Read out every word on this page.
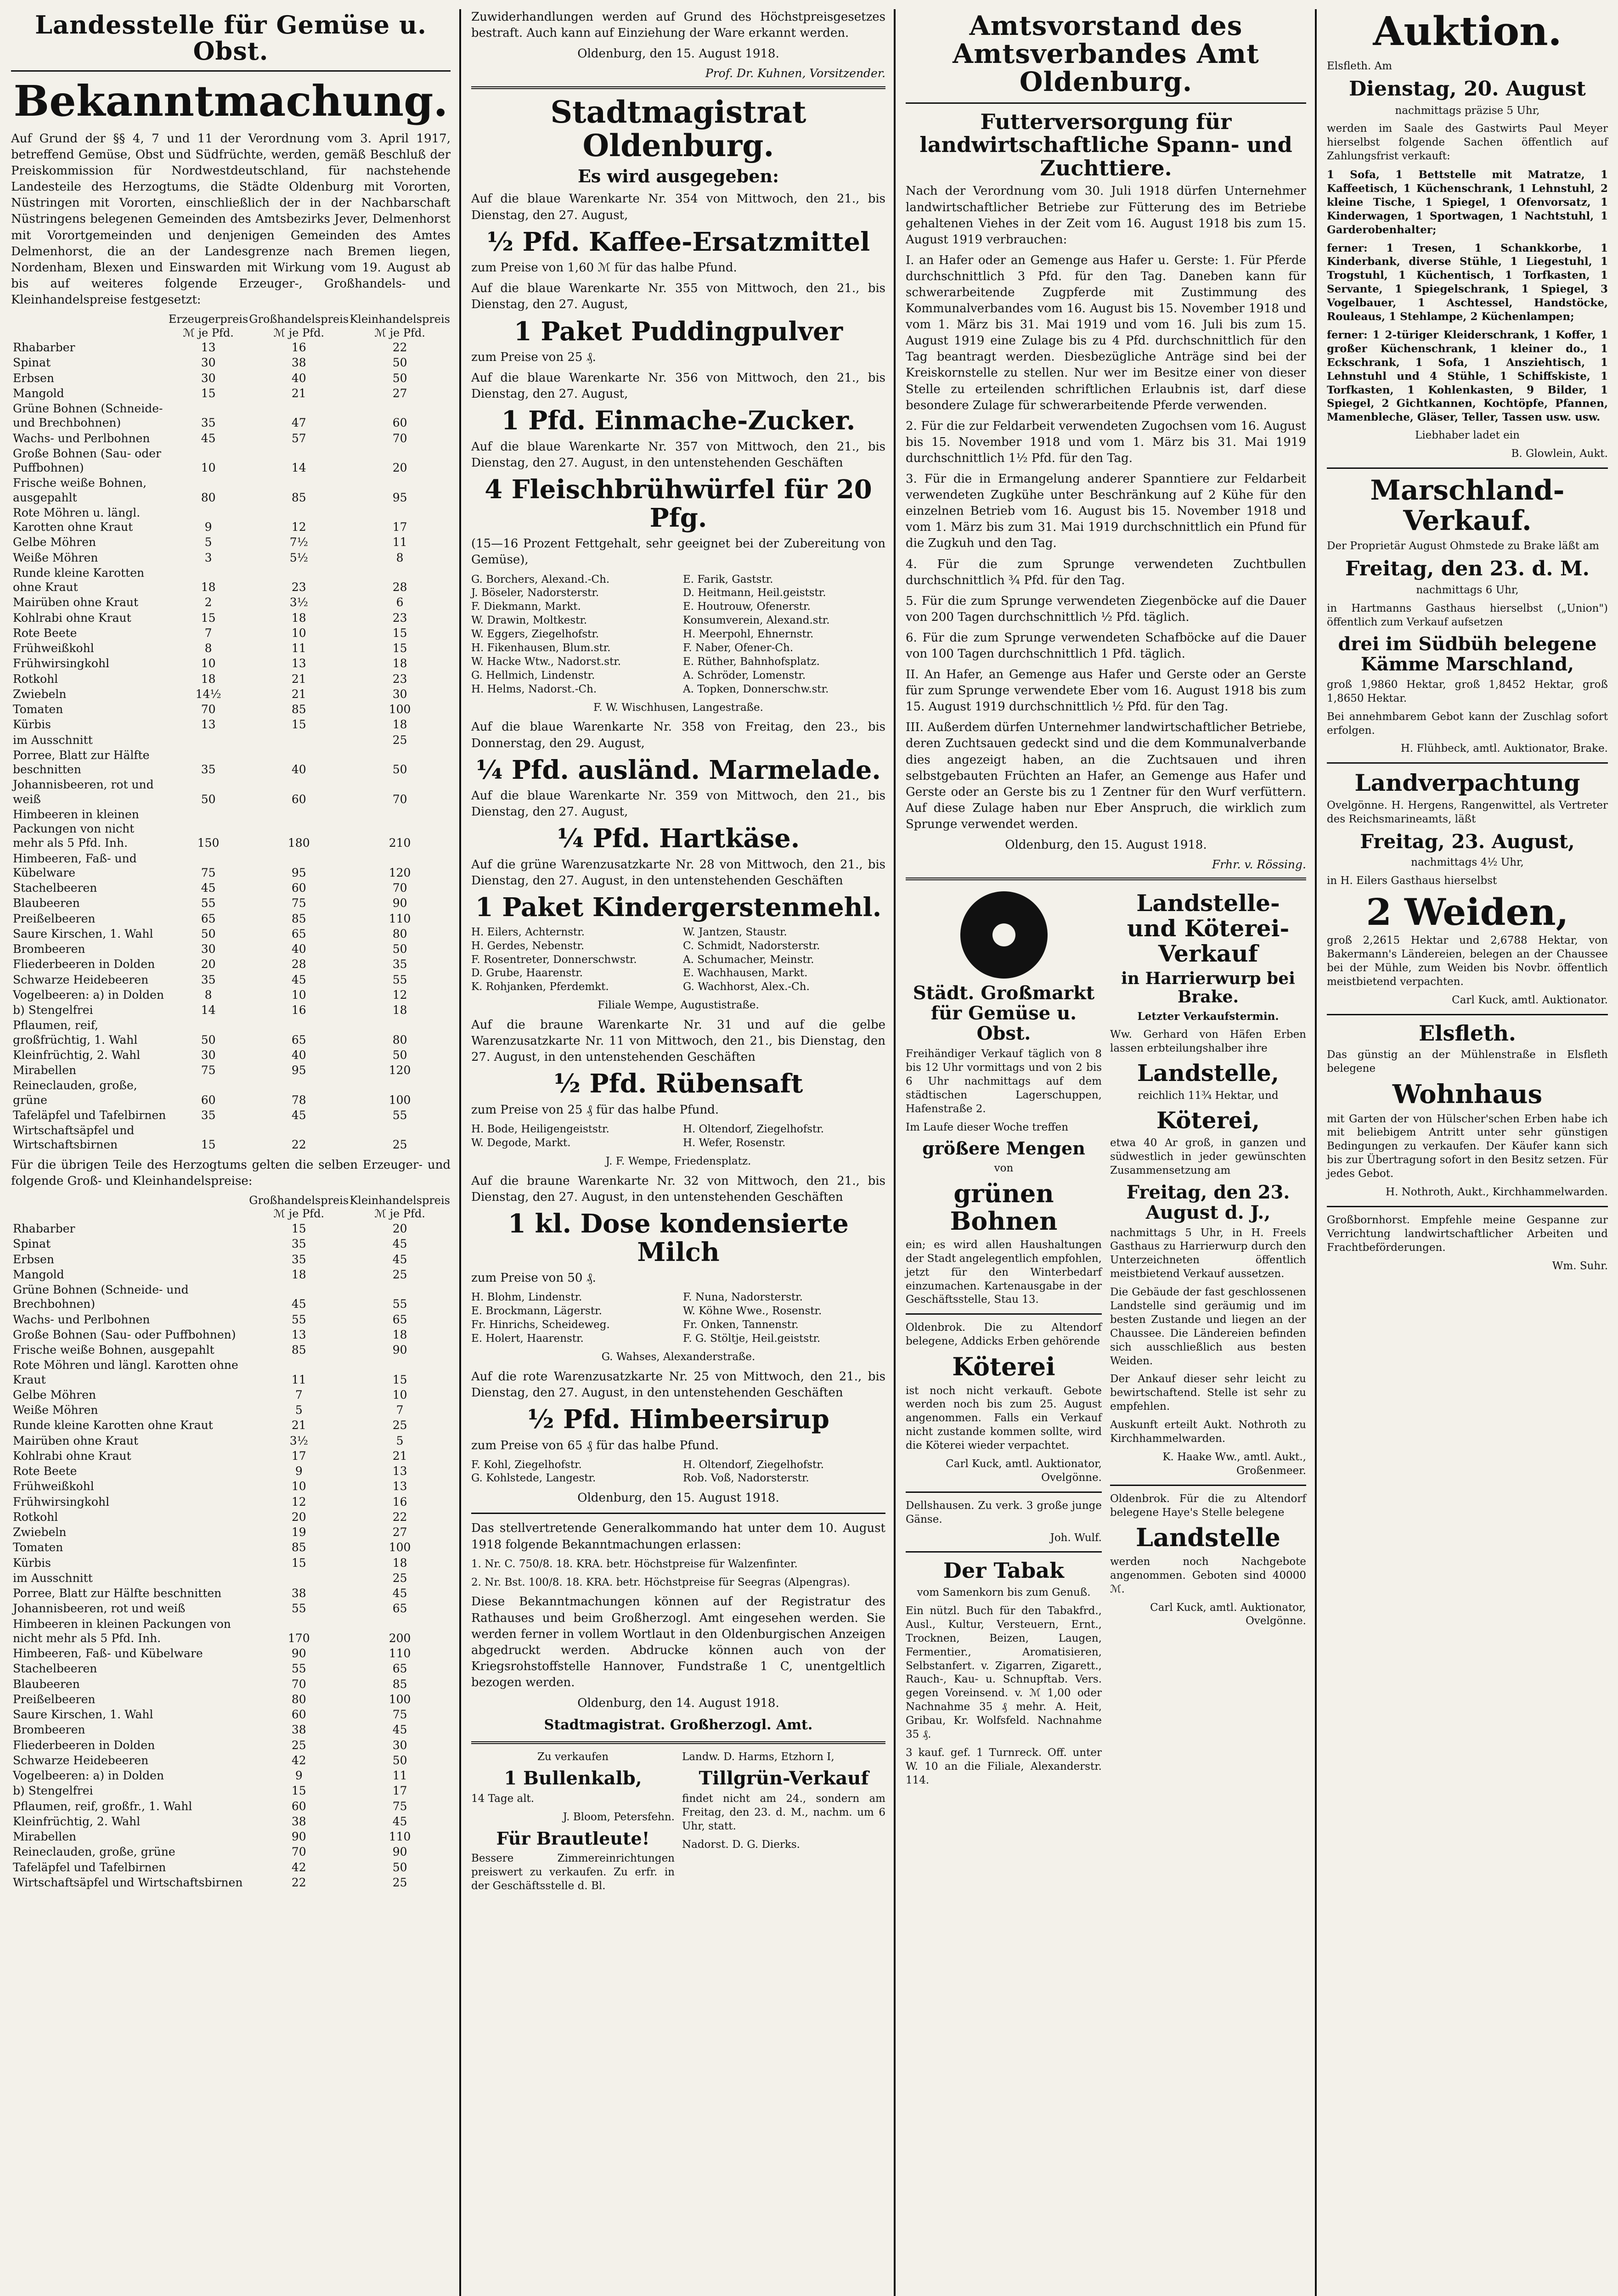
Landesstelle für Gemüse u. Obst.
Bekanntmachung.

Auf Grund der §§ 4, 7 und 11 der Verordnung vom 3. April 1917, betreffend Gemüse, Obst und Südfrüchte, werden, gemäß Beschluß der Preiskommission für Nordwestdeutschland, für nachstehende Landesteile des Herzogtums, die Städte Oldenburg mit Vororten, Nüstringen mit Vororten, einschließlich der in der Nachbarschaft Nüstringens belegenen Gemeinden des Amtsbezirks Jever, Delmenhorst mit Vorortgemeinden und denjenigen Gemeinden des Amtes Delmenhorst, die an der Landesgrenze nach Bremen liegen, Nordenham, Blexen und Einswarden mit Wirkung vom 19. August ab bis auf weiteres folgende Erzeuger-, Großhandels- und Kleinhandelspreise festgesetzt:

	Erzeugerpreis	Großhandelspreis	Kleinhandelspreis
	ℳ je Pfd.	ℳ je Pfd.	ℳ je Pfd.
Rhabarber	13	16	22
Spinat	30	38	50
Erbsen	30	40	50
Mangold	15	21	27
Grüne Bohnen (Schneide- und Brechbohnen)	35	47	60
Wachs- und Perlbohnen	45	57	70
Große Bohnen (Sau- oder Puffbohnen)	10	14	20
Frische weiße Bohnen, ausgepahlt	80	85	95
Rote Möhren u. längl. Karotten ohne Kraut	9	12	17
Gelbe Möhren	5	7½	11
Weiße Möhren	3	5½	8
Runde kleine Karotten ohne Kraut	18	23	28
Mairüben ohne Kraut	2	3½	6
Kohlrabi ohne Kraut	15	18	23
Rote Beete	7	10	15
Frühweißkohl	8	11	15
Frühwirsingkohl	10	13	18
Rotkohl	18	21	23
Zwiebeln	14½	21	30
Tomaten	70	85	100
Kürbis	13	15	18
im Ausschnitt			25
Porree, Blatt zur Hälfte beschnitten	35	40	50
Johannisbeeren, rot und weiß	50	60	70
Himbeeren in kleinen Packungen von nicht mehr als 5 Pfd. Inh.	150	180	210
Himbeeren, Faß- und Kübelware	75	95	120
Stachelbeeren	45	60	70
Blaubeeren	55	75	90
Preißelbeeren	65	85	110
Saure Kirschen, 1. Wahl	50	65	80
Brombeeren	30	40	50
Fliederbeeren in Dolden	20	28	35
Schwarze Heidebeeren	35	45	55
Vogelbeeren: a) in Dolden	8	10	12
b) Stengelfrei	14	16	18
Pflaumen, reif, großfrüchtig, 1. Wahl	50	65	80
Kleinfrüchtig, 2. Wahl	30	40	50
Mirabellen	75	95	120
Reineclauden, große, grüne	60	78	100
Tafeläpfel und Tafelbirnen	35	45	55
Wirtschaftsäpfel und Wirtschaftsbirnen	15	22	25

Für die übrigen Teile des Herzogtums gelten die selben Erzeuger- und folgende Groß- und Kleinhandelspreise:

	Großhandelspreis	Kleinhandelspreis
	ℳ je Pfd.	ℳ je Pfd.
Rhabarber	15	20
Spinat	35	45
Erbsen	35	45
Mangold	18	25
Grüne Bohnen (Schneide- und Brechbohnen)	45	55
Wachs- und Perlbohnen	55	65
Große Bohnen (Sau- oder Puffbohnen)	13	18
Frische weiße Bohnen, ausgepahlt	85	90
Rote Möhren und längl. Karotten ohne Kraut	11	15
Gelbe Möhren	7	10
Weiße Möhren	5	7
Runde kleine Karotten ohne Kraut	21	25
Mairüben ohne Kraut	3½	5
Kohlrabi ohne Kraut	17	21
Rote Beete	9	13
Frühweißkohl	10	13
Frühwirsingkohl	12	16
Rotkohl	20	22
Zwiebeln	19	27
Tomaten	85	100
Kürbis	15	18
im Ausschnitt		25
Porree, Blatt zur Hälfte beschnitten	38	45
Johannisbeeren, rot und weiß	55	65
Himbeeren in kleinen Packungen von nicht mehr als 5 Pfd. Inh.	170	200
Himbeeren, Faß- und Kübelware	90	110
Stachelbeeren	55	65
Blaubeeren	70	85
Preißelbeeren	80	100
Saure Kirschen, 1. Wahl	60	75
Brombeeren	38	45
Fliederbeeren in Dolden	25	30
Schwarze Heidebeeren	42	50
Vogelbeeren: a) in Dolden	9	11
b) Stengelfrei	15	17
Pflaumen, reif, großfr., 1. Wahl	60	75
Kleinfrüchtig, 2. Wahl	38	45
Mirabellen	90	110
Reineclauden, große, grüne	70	90
Tafeläpfel und Tafelbirnen	42	50
Wirtschaftsäpfel und Wirtschaftsbirnen	22	25

Zuwiderhandlungen werden auf Grund des Höchstpreisgesetzes bestraft. Auch kann auf Einziehung der Ware erkannt werden.

Oldenburg, den 15. August 1918.

Prof. Dr. Kuhnen, Vorsitzender.
Stadtmagistrat Oldenburg.
Es wird ausgegeben:

Auf die blaue Warenkarte Nr. 354 von Mittwoch, den 21., bis Dienstag, den 27. August,

½ Pfd. Kaffee-Ersatzmittel

zum Preise von 1,60 ℳ für das halbe Pfund.

Auf die blaue Warenkarte Nr. 355 von Mittwoch, den 21., bis Dienstag, den 27. August,

1 Paket Puddingpulver

zum Preise von 25 ₰.

Auf die blaue Warenkarte Nr. 356 von Mittwoch, den 21., bis Dienstag, den 27. August,

1 Pfd. Einmache-Zucker.

Auf die blaue Warenkarte Nr. 357 von Mittwoch, den 21., bis Dienstag, den 27. August, in den untenstehenden Geschäften

4 Fleischbrühwürfel für 20 Pfg.

(15—16 Prozent Fettgehalt, sehr geeignet bei der Zubereitung von Gemüse),

G. Borchers, Alexand.-Ch.	E. Farik, Gaststr.
J. Böseler, Nadorsterstr.	D. Heitmann, Heil.geiststr.
F. Diekmann, Markt.	E. Houtrouw, Ofenerstr.
W. Drawin, Moltkestr.	Konsumverein, Alexand.str.
W. Eggers, Ziegelhofstr.	H. Meerpohl, Ehnernstr.
H. Fikenhausen, Blum.str.	F. Naber, Ofener-Ch.
W. Hacke Wtw., Nadorst.str.	E. Rüther, Bahnhofsplatz.
G. Hellmich, Lindenstr.	A. Schröder, Lomenstr.
H. Helms, Nadorst.-Ch.	A. Topken, Donnerschw.str.

F. W. Wischhusen, Langestraße.

Auf die blaue Warenkarte Nr. 358 von Freitag, den 23., bis Donnerstag, den 29. August,

¼ Pfd. ausländ. Marmelade.

Auf die blaue Warenkarte Nr. 359 von Mittwoch, den 21., bis Dienstag, den 27. August,

¼ Pfd. Hartkäse.

Auf die grüne Warenzusatzkarte Nr. 28 von Mittwoch, den 21., bis Dienstag, den 27. August, in den untenstehenden Geschäften

1 Paket Kindergerstenmehl.
H. Eilers, Achternstr.	W. Jantzen, Staustr.
H. Gerdes, Nebenstr.	C. Schmidt, Nadorsterstr.
F. Rosentreter, Donnerschwstr.	A. Schumacher, Meinstr.
D. Grube, Haarenstr.	E. Wachhausen, Markt.
K. Rohjanken, Pferdemkt.	G. Wachhorst, Alex.-Ch.

Filiale Wempe, Augustistraße.

Auf die braune Warenkarte Nr. 31 und auf die gelbe Warenzusatzkarte Nr. 11 von Mittwoch, den 21., bis Dienstag, den 27. August, in den untenstehenden Geschäften

½ Pfd. Rübensaft

zum Preise von 25 ₰ für das halbe Pfund.

H. Bode, Heiligengeiststr.	H. Oltendorf, Ziegelhofstr.
W. Degode, Markt.	H. Wefer, Rosenstr.

J. F. Wempe, Friedensplatz.

Auf die braune Warenkarte Nr. 32 von Mittwoch, den 21., bis Dienstag, den 27. August, in den untenstehenden Geschäften

1 kl. Dose kondensierte Milch

zum Preise von 50 ₰.

H. Blohm, Lindenstr.	F. Nuna, Nadorsterstr.
E. Brockmann, Lägerstr.	W. Köhne Wwe., Rosenstr.
Fr. Hinrichs, Scheideweg.	Fr. Onken, Tannenstr.
E. Holert, Haarenstr.	F. G. Stöltje, Heil.geiststr.

G. Wahses, Alexanderstraße.

Auf die rote Warenzusatzkarte Nr. 25 von Mittwoch, den 21., bis Dienstag, den 27. August, in den untenstehenden Geschäften

½ Pfd. Himbeersirup

zum Preise von 65 ₰ für das halbe Pfund.

F. Kohl, Ziegelhofstr.	H. Oltendorf, Ziegelhofstr.
G. Kohlstede, Langestr.	Rob. Voß, Nadorsterstr.

Oldenburg, den 15. August 1918.

Das stellvertretende Generalkommando hat unter dem 10. August 1918 folgende Bekanntmachungen erlassen:

1. Nr. C. 750/8. 18. KRA. betr. Höchstpreise für Walzenfinter.

2. Nr. Bst. 100/8. 18. KRA. betr. Höchstpreise für Seegras (Alpengras).

Diese Bekanntmachungen können auf der Registratur des Rathauses und beim Großherzogl. Amt eingesehen werden. Sie werden ferner in vollem Wortlaut in den Oldenburgischen Anzeigen abgedruckt werden. Abdrucke können auch von der Kriegsrohstoffstelle Hannover, Fundstraße 1 C, unentgeltlich bezogen werden.

Oldenburg, den 14. August 1918.

Stadtmagistrat. Großherzogl. Amt.

Zu verkaufen

1 Bullenkalb,

14 Tage alt.

J. Bloom, Petersfehn.

Für Brautleute!

Bessere Zimmereinrichtungen preiswert zu verkaufen. Zu erfr. in der Geschäftsstelle d. Bl.

Landw. D. Harms, Etzhorn I,

Tillgrün-Verkauf

findet nicht am 24., sondern am Freitag, den 23. d. M., nachm. um 6 Uhr, statt.

Nadorst. D. G. Dierks.

Amtsvorstand des Amtsverbandes Amt Oldenburg.
Futterversorgung für landwirtschaftliche Spann- und Zuchttiere.

Nach der Verordnung vom 30. Juli 1918 dürfen Unternehmer landwirtschaftlicher Betriebe zur Fütterung des im Betriebe gehaltenen Viehes in der Zeit vom 16. August 1918 bis zum 15. August 1919 verbrauchen:

I. an Hafer oder an Gemenge aus Hafer u. Gerste: 1. Für Pferde durchschnittlich 3 Pfd. für den Tag. Daneben kann für schwerarbeitende Zugpferde mit Zustimmung des Kommunalverbandes vom 16. August bis 15. November 1918 und vom 1. März bis 31. Mai 1919 und vom 16. Juli bis zum 15. August 1919 eine Zulage bis zu 4 Pfd. durchschnittlich für den Tag beantragt werden. Diesbezügliche Anträge sind bei der Kreiskornstelle zu stellen. Nur wer im Besitze einer von dieser Stelle zu erteilenden schriftlichen Erlaubnis ist, darf diese besondere Zulage für schwerarbeitende Pferde verwenden.

2. Für die zur Feldarbeit verwendeten Zugochsen vom 16. August bis 15. November 1918 und vom 1. März bis 31. Mai 1919 durchschnittlich 1½ Pfd. für den Tag.

3. Für die in Ermangelung anderer Spanntiere zur Feldarbeit verwendeten Zugkühe unter Beschränkung auf 2 Kühe für den einzelnen Betrieb vom 16. August bis 15. November 1918 und vom 1. März bis zum 31. Mai 1919 durchschnittlich ein Pfund für die Zugkuh und den Tag.

4. Für die zum Sprunge verwendeten Zuchtbullen durchschnittlich ¾ Pfd. für den Tag.

5. Für die zum Sprunge verwendeten Ziegenböcke auf die Dauer von 200 Tagen durchschnittlich ½ Pfd. täglich.

6. Für die zum Sprunge verwendeten Schafböcke auf die Dauer von 100 Tagen durchschnittlich 1 Pfd. täglich.

II. An Hafer, an Gemenge aus Hafer und Gerste oder an Gerste für zum Sprunge verwendete Eber vom 16. August 1918 bis zum 15. August 1919 durchschnittlich ½ Pfd. für den Tag.

III. Außerdem dürfen Unternehmer landwirtschaftlicher Betriebe, deren Zuchtsauen gedeckt sind und die dem Kommunalverbande dies angezeigt haben, an die Zuchtsauen und ihren selbstgebauten Früchten an Hafer, an Gemenge aus Hafer und Gerste oder an Gerste bis zu 1 Zentner für den Wurf verfüttern. Auf diese Zulage haben nur Eber Anspruch, die wirklich zum Sprunge verwendet werden.

Oldenburg, den 15. August 1918.

Frhr. v. Rössing.
Städt. Großmarkt für Gemüse u. Obst.

Freihändiger Verkauf täglich von 8 bis 12 Uhr vormittags und von 2 bis 6 Uhr nachmittags auf dem städtischen Lagerschuppen, Hafenstraße 2.

Im Laufe dieser Woche treffen

größere Mengen

von

grünen Bohnen

ein; es wird allen Haushaltungen der Stadt angelegentlich empfohlen, jetzt für den Winterbedarf einzumachen. Kartenausgabe in der Geschäftsstelle, Stau 13.

Oldenbrok. Die zu Altendorf belegene, Addicks Erben gehörende

Köterei

ist noch nicht verkauft. Gebote werden noch bis zum 25. August angenommen. Falls ein Verkauf nicht zustande kommen sollte, wird die Köterei wieder verpachtet.

Carl Kuck, amtl. Auktionator, Ovelgönne.

Dellshausen. Zu verk. 3 große junge Gänse.

Joh. Wulf.

Der Tabak

vom Samenkorn bis zum Genuß.

Ein nützl. Buch für den Tabakfrd., Ausl., Kultur, Versteuern, Ernt., Trocknen, Beizen, Laugen, Fermentier., Aromatisieren, Selbstanfert. v. Zigarren, Zigarett., Rauch-, Kau- u. Schnupftab. Vers. gegen Voreinsend. v. ℳ 1,00 oder Nachnahme 35 ₰ mehr. A. Heit, Gribau, Kr. Wolfsfeld. Nachnahme 35 ₰.

3 kauf. gef. 1 Turnreck. Off. unter W. 10 an die Filiale, Alexanderstr. 114.

Landstelle- und Köterei-Verkauf
in Harrierwurp bei Brake.

Letzter Verkaufstermin.

Ww. Gerhard von Häfen Erben lassen erbteilungshalber ihre

Landstelle,

reichlich 11¾ Hektar, und

Köterei,

etwa 40 Ar groß, in ganzen und südwestlich in jeder gewünschten Zusammensetzung am

Freitag, den 23. August d. J.,

nachmittags 5 Uhr, in H. Freels Gasthaus zu Harrierwurp durch den Unterzeichneten öffentlich meistbietend Verkauf aussetzen.

Die Gebäude der fast geschlossenen Landstelle sind geräumig und im besten Zustande und liegen an der Chaussee. Die Ländereien befinden sich ausschließlich aus besten Weiden.

Der Ankauf dieser sehr leicht zu bewirtschaftend. Stelle ist sehr zu empfehlen.

Auskunft erteilt Aukt. Nothroth zu Kirchhammelwarden.

K. Haake Ww., amtl. Aukt., Großenmeer.

Oldenbrok. Für die zu Altendorf belegene Haye's Stelle belegene

Landstelle

werden noch Nachgebote angenommen. Geboten sind 40000 ℳ.

Carl Kuck, amtl. Auktionator, Ovelgönne.

Auktion.

Elsfleth. Am

Dienstag, 20. August

nachmittags präzise 5 Uhr,

werden im Saale des Gastwirts Paul Meyer hierselbst folgende Sachen öffentlich auf Zahlungsfrist verkauft:

1 Sofa, 1 Bettstelle mit Matratze, 1 Kaffeetisch, 1 Küchenschrank, 1 Lehnstuhl, 2 kleine Tische, 1 Spiegel, 1 Ofenvorsatz, 1 Kinderwagen, 1 Sportwagen, 1 Nachtstuhl, 1 Garderobenhalter;

ferner: 1 Tresen, 1 Schankkorbe, 1 Kinderbank, diverse Stühle, 1 Liegestuhl, 1 Trogstuhl, 1 Küchentisch, 1 Torfkasten, 1 Servante, 1 Spiegelschrank, 1 Spiegel, 3 Vogelbauer, 1 Aschtessel, Handstöcke, Rouleaus, 1 Stehlampe, 2 Küchenlampen;

ferner: 1 2-türiger Kleiderschrank, 1 Koffer, 1 großer Küchenschrank, 1 kleiner do., 1 Eckschrank, 1 Sofa, 1 Ansziehtisch, 1 Lehnstuhl und 4 Stühle, 1 Schiffskiste, 1 Torfkasten, 1 Kohlenkasten, 9 Bilder, 1 Spiegel, 2 Gichtkannen, Kochtöpfe, Pfannen, Mamenbleche, Gläser, Teller, Tassen usw. usw.

Liebhaber ladet ein

B. Glowlein, Aukt.

Marschland-Verkauf.

Der Proprietär August Ohmstede zu Brake läßt am

Freitag, den 23. d. M.

nachmittags 6 Uhr,

in Hartmanns Gasthaus hierselbst („Union") öffentlich zum Verkauf aufsetzen

drei im Südbüh belegene Kämme Marschland,

groß 1,9860 Hektar, groß 1,8452 Hektar, groß 1,8650 Hektar.

Bei annehmbarem Gebot kann der Zuschlag sofort erfolgen.

H. Flühbeck, amtl. Auktionator, Brake.

Landverpachtung

Ovelgönne. H. Hergens, Rangenwittel, als Vertreter des Reichsmarineamts, läßt

Freitag, 23. August,

nachmittags 4½ Uhr,

in H. Eilers Gasthaus hierselbst

2 Weiden,

groß 2,2615 Hektar und 2,6788 Hektar, von Bakermann's Ländereien, belegen an der Chaussee bei der Mühle, zum Weiden bis Novbr. öffentlich meistbietend verpachten.

Carl Kuck, amtl. Auktionator.

Elsfleth.

Das günstig an der Mühlenstraße in Elsfleth belegene

Wohnhaus

mit Garten der von Hülscher'schen Erben habe ich mit beliebigem Antritt unter sehr günstigen Bedingungen zu verkaufen. Der Käufer kann sich bis zur Übertragung sofort in den Besitz setzen. Für jedes Gebot.

H. Nothroth, Aukt., Kirchhammelwarden.

Großbornhorst. Empfehle meine Gespanne zur Verrichtung landwirtschaftlicher Arbeiten und Frachtbeförderungen.

Wm. Suhr.
